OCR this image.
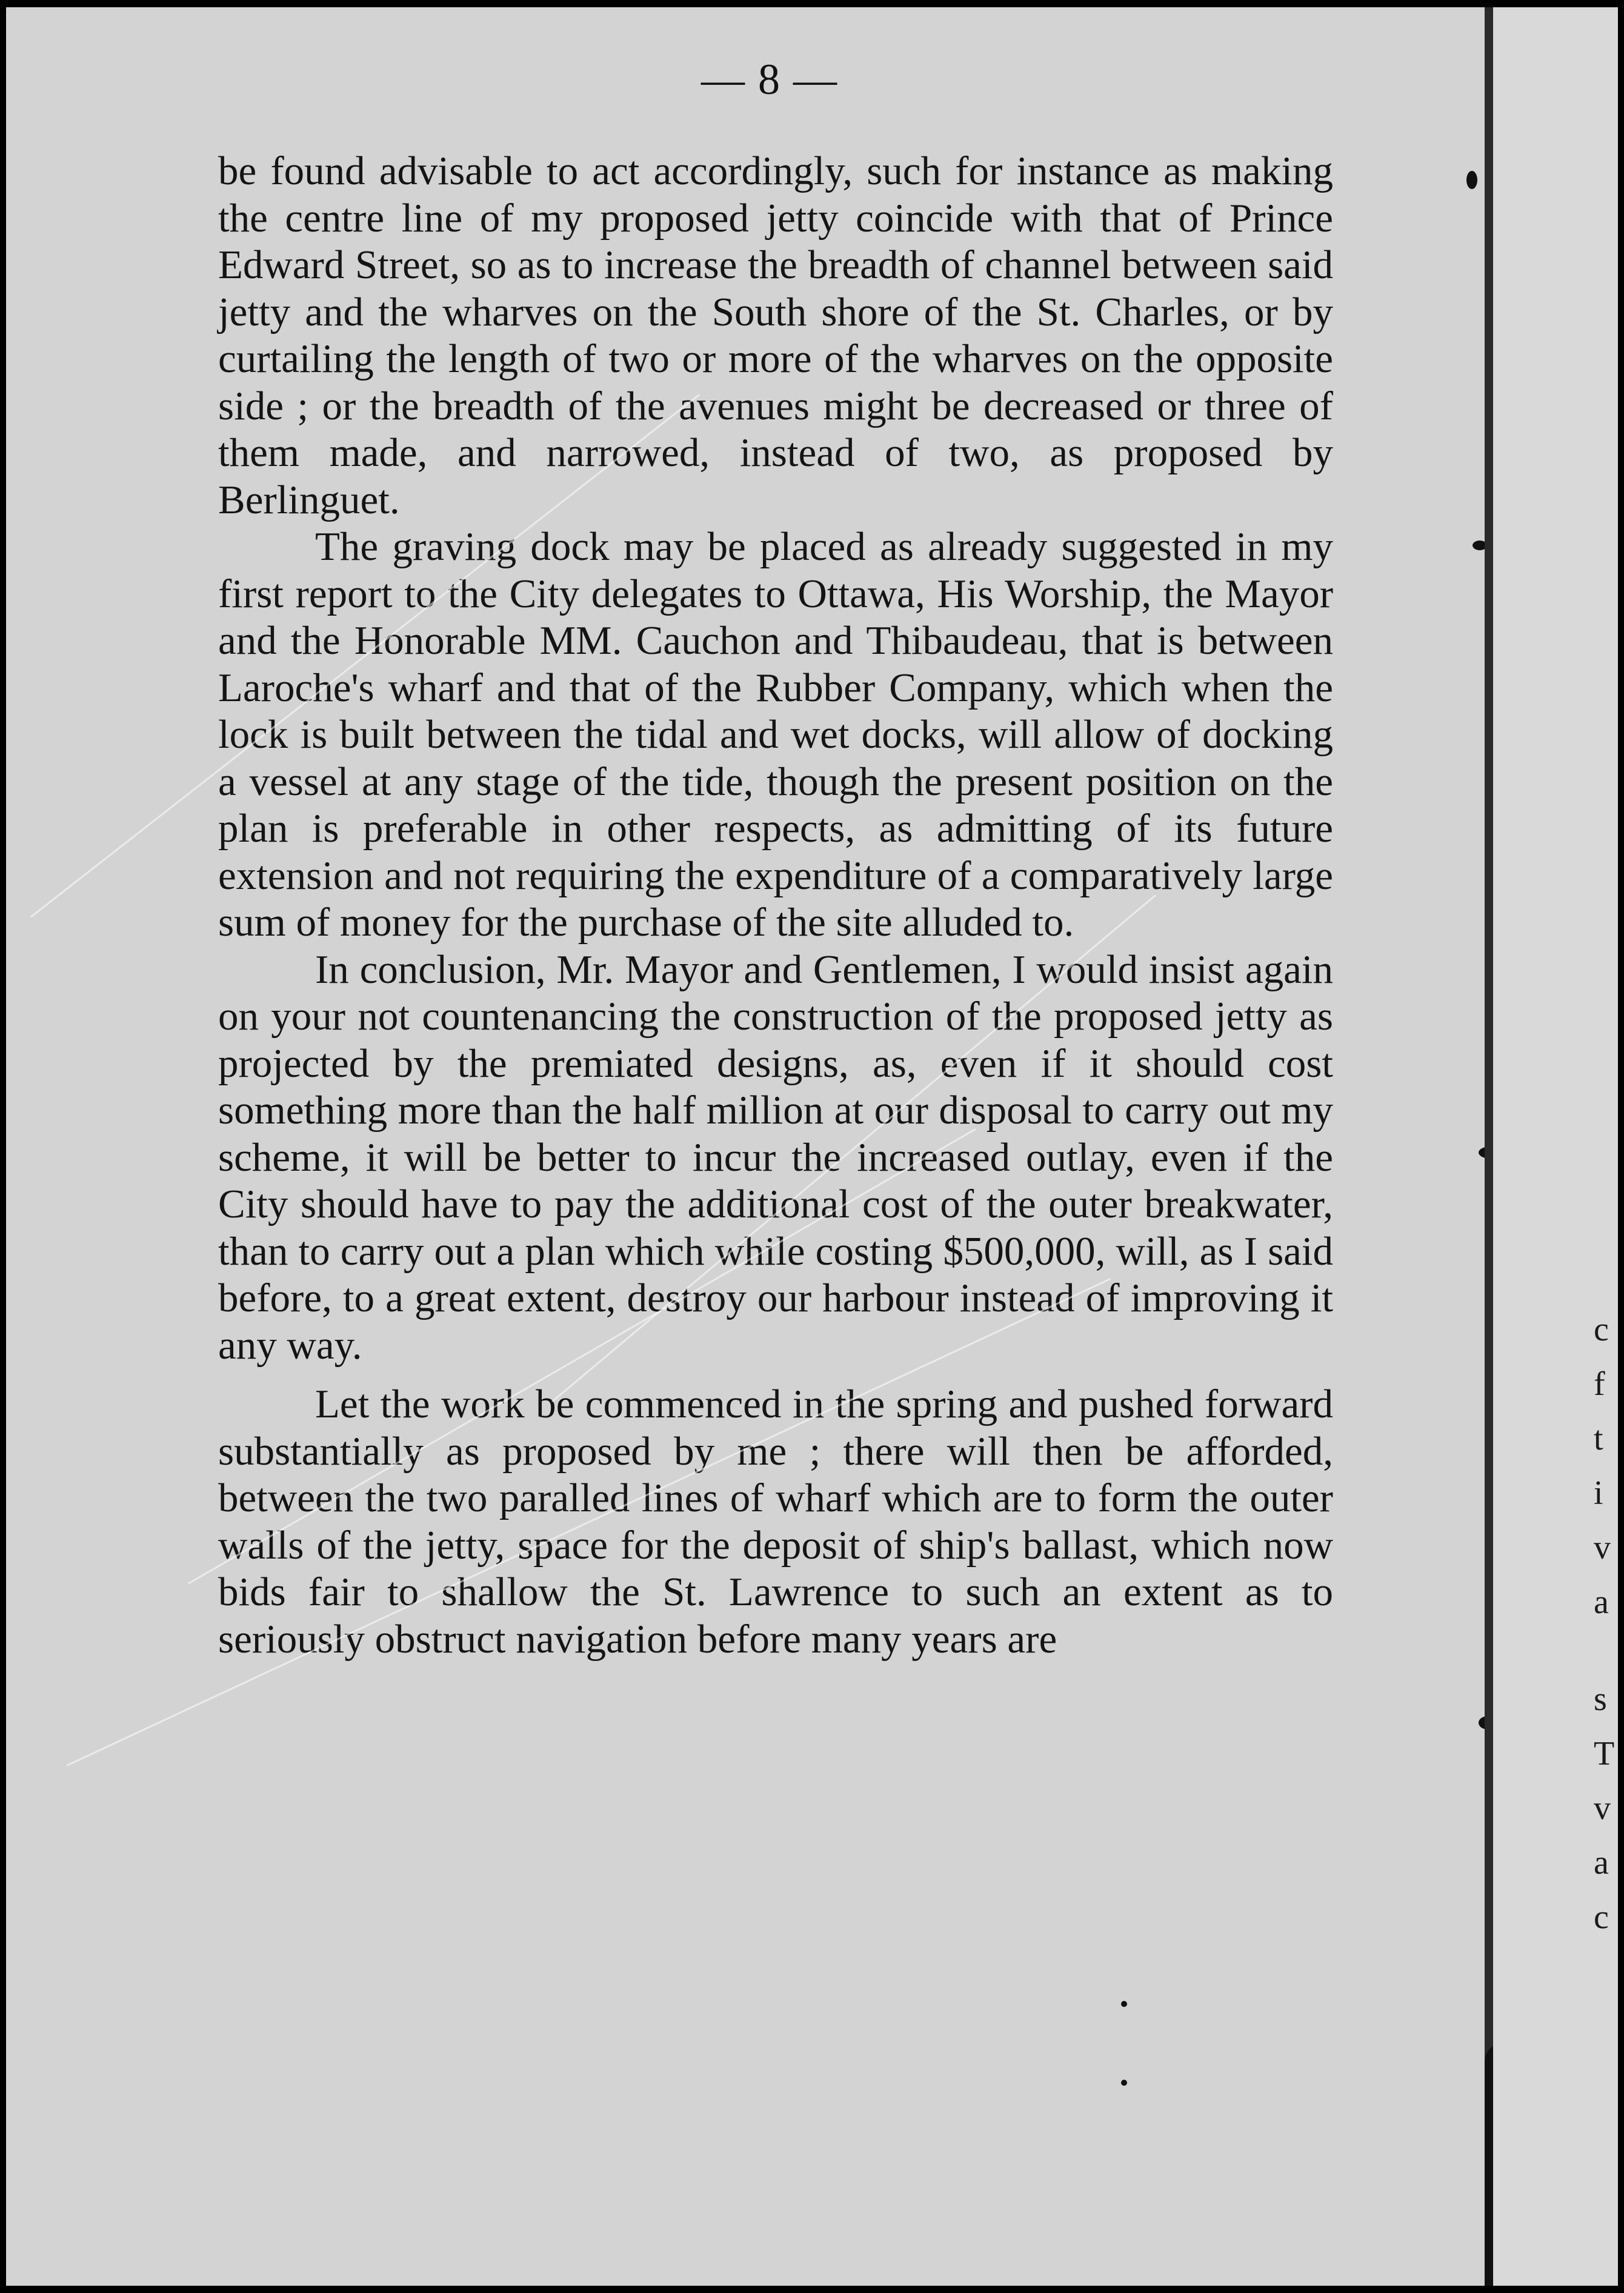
— 8 —

be found advisable to act accordingly, such for instance as making the centre line of my proposed jetty coincide with that of Prince Edward Street, so as to increase the breadth of channel between said jetty and the wharves on the South shore of the St. Charles, or by curtailing the length of two or more of the wharves on the opposite side ; or the breadth of the avenues might be decreased or three of them made, and narrowed, instead of two, as proposed by Berlinguet.

The graving dock may be placed as already suggested in my first report to the City delegates to Ottawa, His Worship, the Mayor and the Honorable MM. Cauchon and Thibaudeau, that is between Laroche's wharf and that of the Rubber Company, which when the lock is built between the tidal and wet docks, will allow of docking a vessel at any stage of the tide, though the present position on the plan is preferable in other respects, as admitting of its future extension and not requiring the expenditure of a comparatively large sum of money for the purchase of the site alluded to.

In conclusion, Mr. Mayor and Gentlemen, I would insist again on your not countenancing the construction of the proposed jetty as projected by the premiated designs, as, even if it should cost something more than the half million at our disposal to carry out my scheme, it will be better to incur the increased outlay, even if the City should have to pay the additional cost of the outer breakwater, than to carry out a plan which while costing $500,000, will, as I said before, to a great extent, destroy our harbour instead of improving it any way.

Let the work be commenced in the spring and pushed forward substantially as proposed by me ; there will then be afforded, between the two paralled lines of wharf which are to form the outer walls of the jetty, space for the deposit of ship's ballast, which now bids fair to shallow the St. Lawrence to such an extent as to seriously obstruct navigation before many years are

c
f
t
i
v
a
s
T
v
a
c
